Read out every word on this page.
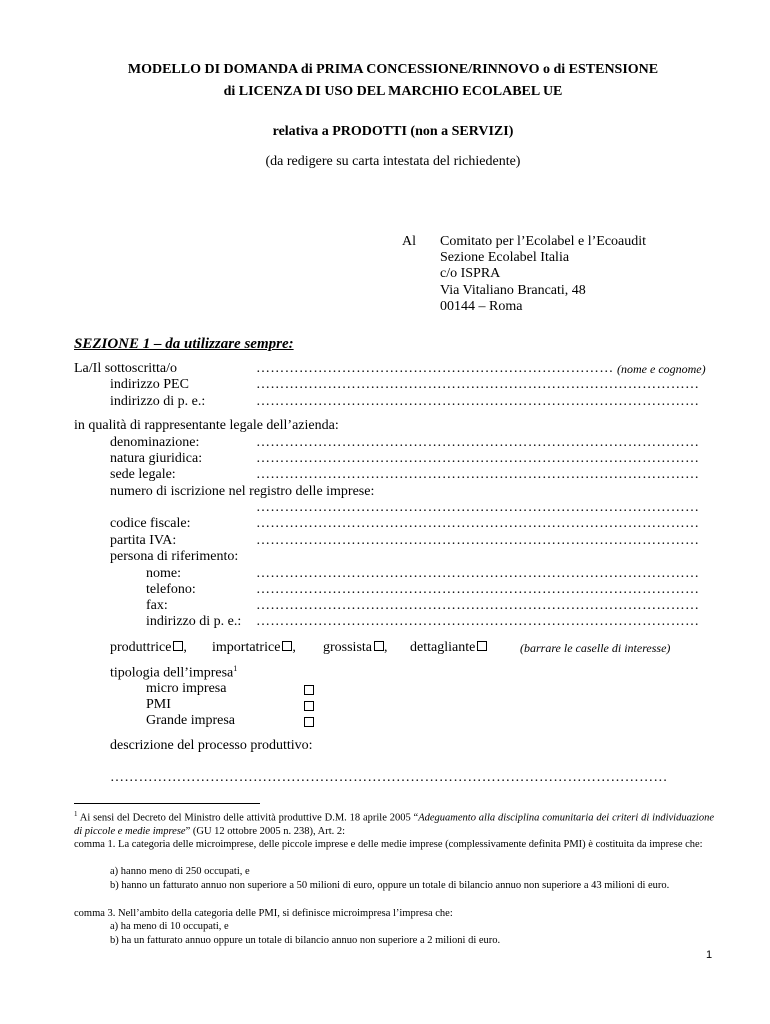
MODELLO DI DOMANDA di PRIMA CONCESSIONE/RINNOVO o di ESTENSIONE
di LICENZA DI USO DEL MARCHIO ECOLABEL UE
relativa a PRODOTTI (non a SERVIZI)
(da redigere su carta intestata del richiedente)
Al Comitato per l’Ecolabel e l’Ecoaudit
Sezione Ecolabel Italia
c/o ISPRA
Via Vitaliano Brancati, 48
00144 – Roma
SEZIONE 1 – da utilizzare sempre:
La/Il sottoscritta/o	………………………………………………………………… (nome e cognome)
indirizzo PEC	…………………………………………………………………………………
indirizzo di p. e.:	…………………………………………………………………………………
in qualità di rappresentante legale dell’azienda:
denominazione:	…………………………………………………………………………………
natura giuridica:	…………………………………………………………………………………
sede legale:	…………………………………………………………………………………
numero di iscrizione nel registro delle imprese:
…………………………………………………………………………………
codice fiscale:	…………………………………………………………………………………
partita IVA:	…………………………………………………………………………………
persona di riferimento:
nome:	…………………………………………………………………………………
telefono:	…………………………………………………………………………………
fax:	…………………………………………………………………………………
indirizzo di p. e.: …………………………………………………………………………………
produttrice , importatrice , grossista , dettagliante	(barrare le caselle di interesse)
tipologia dell’impresa$^1$
micro impresa
PMI
Grande impresa
descrizione del processo produttivo:
………………………………………………………………………………………………………
$^1$ Ai sensi del Decreto del Ministro delle attività produttive D.M. 18 aprile 2005 “Adeguamento alla disciplina comunitaria dei criteri di individuazione di piccole e medie imprese” (GU 12 ottobre 2005 n. 238), Art. 2:
comma 1. La categoria delle microimprese, delle piccole imprese e delle medie imprese (complessivamente definita PMI) è costituita da imprese che:
a) hanno meno di 250 occupati, e
b) hanno un fatturato annuo non superiore a 50 milioni di euro, oppure un totale di bilancio annuo non superiore a 43 milioni di euro.
comma 3. Nell’ambito della categoria delle PMI, si definisce microimpresa l’impresa che:
a) ha meno di 10 occupati, e
b) ha un fatturato annuo oppure un totale di bilancio annuo non superiore a 2 milioni di euro.
1
